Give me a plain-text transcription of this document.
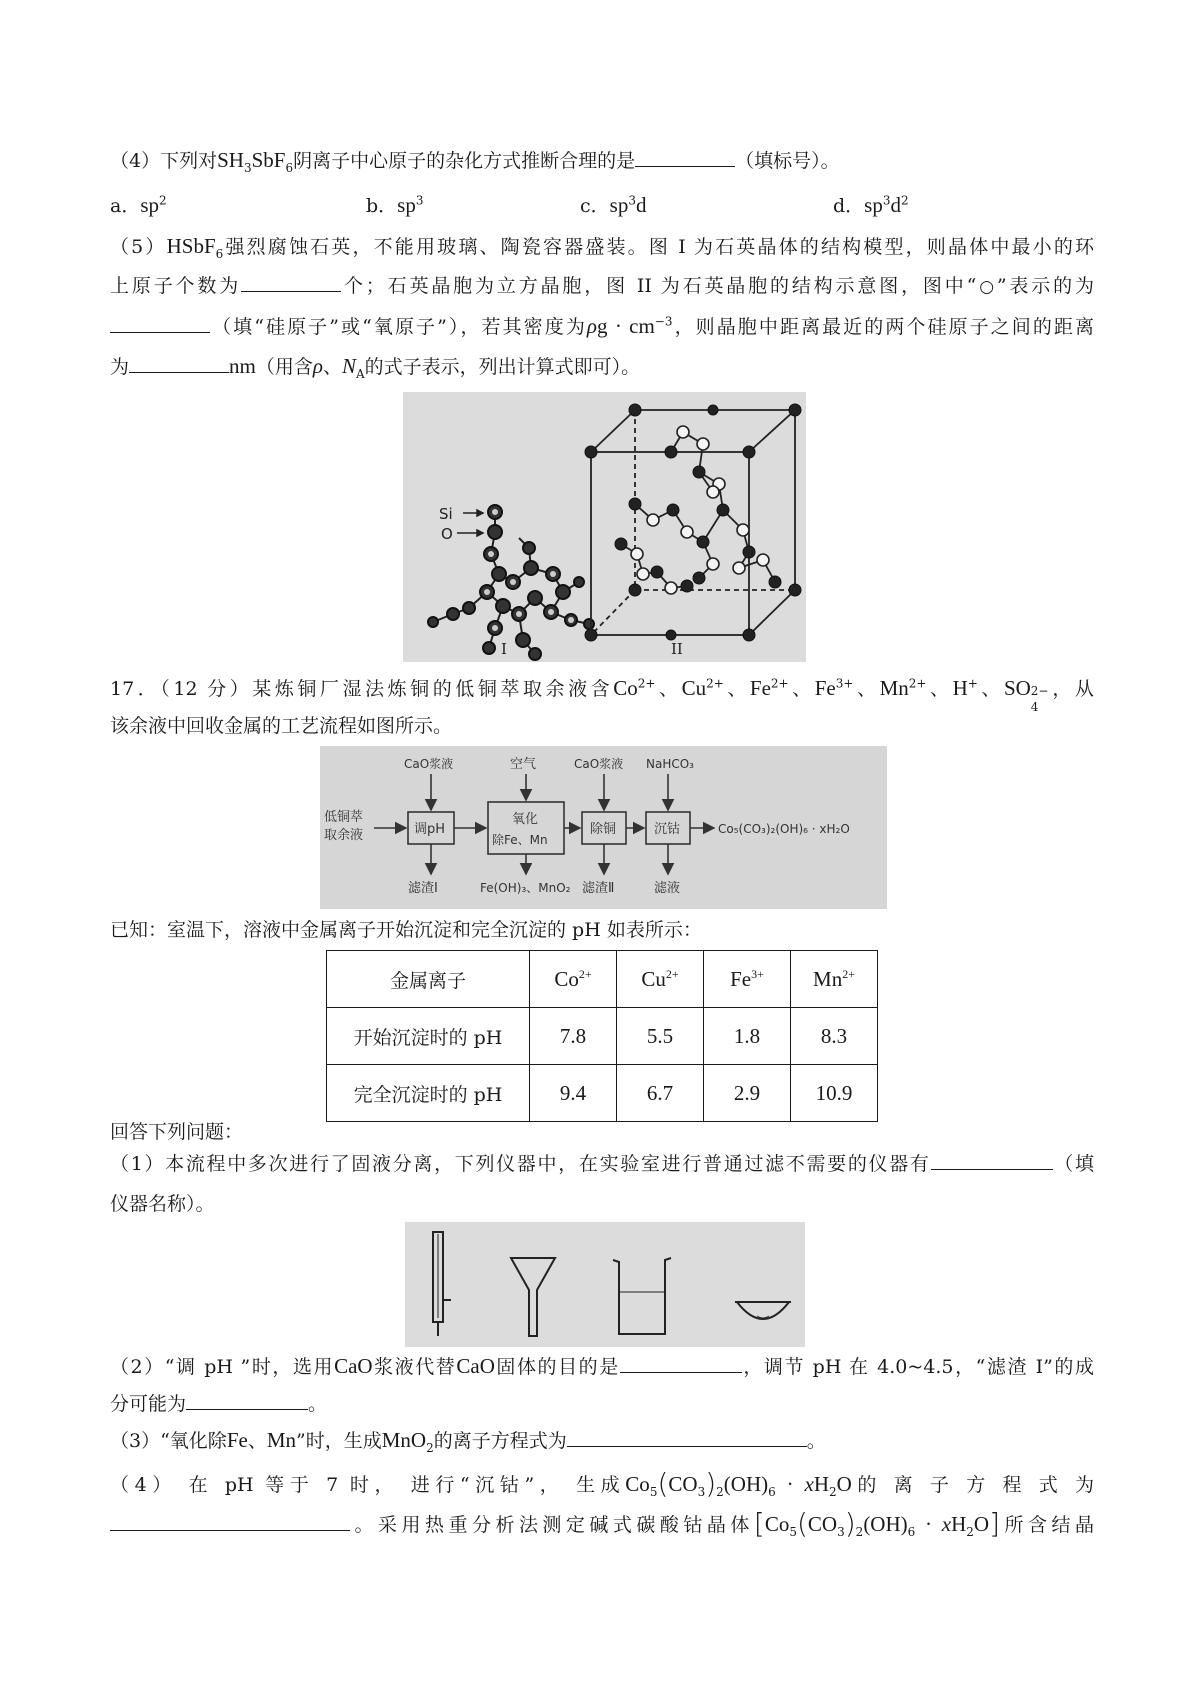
（4）下列对$SH_3SbF_6$阴离子中心原子的杂化方式推断合理的是	（填标号）。
a．$sp^2$	b．$sp^3$	c．$sp^3d$	d．$sp^3d^2$
（5）HSbF$_6$强烈腐蚀石英，不能用玻璃、陶瓷容器盛装。图 I 为石英晶体的结构模型，则晶体中最小的环
上原子个数为	个；石英晶胞为立方晶胞，图 II 为石英晶胞的结构示意图，图中“○”表示的为
（填“硅原子”或“氧原子”），若其密度为$\rho g \cdot cm^{-3}$，则晶胞中距离最近的两个硅原子之间的距离
为	nm（用含ρ、$N_A$的式子表示，列出计算式即可）。
Si
O
I	II
17．（12 分）某炼铜厂湿法炼铜的低铜萃取余液含$Co^{2+}$、$Cu^{2+}$、$Fe^{2+}$、$Fe^{3+}$、$Mn^{2+}$、H+、SO 2−
4
，从
该余液中回收金属的工艺流程如图所示。
低铜萃
取余液
CaO浆液	空气	CaO浆液 NaHCO₃
调pH
氧化
除Fe、Mn
除铜	沉钴	Co₅(CO₃)₂(OH)₆ · xH₂O
滤渣Ⅰ	Fe(OH)₃、MnO₂ 滤渣Ⅱ	滤液
已知：室温下，溶液中金属离子开始沉淀和完全沉淀的 pH 如表所示：
金属离子	$Co^{2+}$	$Cu^{2+}$	$Fe^{3+}$	$Mn^{2+}$
开始沉淀时的 pH	7.8	5.5	1.8	8.3
完全沉淀时的 pH	9.4	6.7	2.9	10.9
回答下列问题：
（1）本流程中多次进行了固液分离，下列仪器中，在实验室进行普通过滤不需要的仪器有	（填
仪器名称）。
（2）“调 pH ”时，选用CaO浆液代替CaO固体的目的是	，调节 pH 在 4.0~4.5，“滤渣 I”的成
分可能为	。
（3）“氧化除Fe、Mn”时，生成MnO$_2$的离子方程式为	。
（4） 在 pH 等于 7 时， 进行“沉钴”， 生成$Co_5(CO_3)_2(OH)_6 \cdot xH_2O$的 离 子 方 程 式 为
。采用热重分析法测定碱式碳酸钴晶体$[Co_5(CO_3)_2(OH)_6 \cdot xH_2O]$所含结晶
